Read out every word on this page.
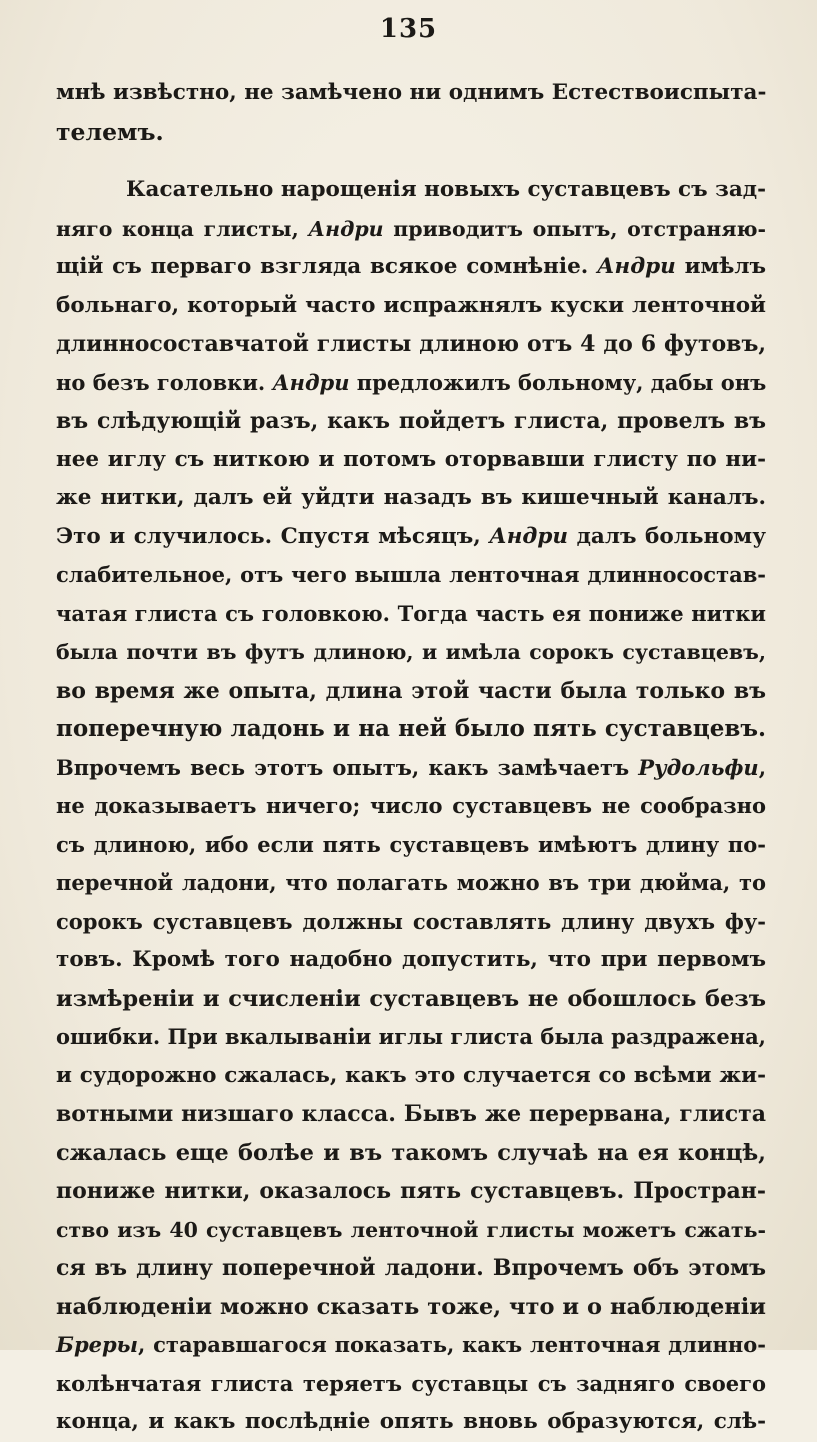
135
мнѣ извѣстно, не замѣчено ни однимъ Естествоиспыта-
телемъ.
Касательно нарощенія новыхъ суставцевъ съ зад-
няго конца глисты, Андри приводитъ опытъ, отстраняю-
щій съ перваго взгляда всякое сомнѣніе. Андри имѣлъ
больнаго, который часто испражнялъ куски ленточной
длинносоставчатой глисты длиною отъ 4 до 6 футовъ,
но безъ головки. Андри предложилъ больному, дабы онъ
въ слѣдующій разъ, какъ пойдетъ глиста, провелъ въ
нее иглу съ ниткою и потомъ оторвавши глисту по ни-
же нитки, далъ ей уйдти назадъ въ кишечный каналъ.
Это и случилось. Спустя мѣсяцъ, Андри далъ больному
слабительное, отъ чего вышла ленточная длинносостав-
чатая глиста съ головкою. Тогда часть ея пониже нитки
была почти въ футъ длиною, и имѣла сорокъ суставцевъ,
во время же опыта, длина этой части была только въ
поперечную ладонь и на ней было пять суставцевъ.
Впрочемъ весь этотъ опытъ, какъ замѣчаетъ Рудольфи,
не доказываетъ ничего; число суставцевъ не сообразно
съ длиною, ибо если пять суставцевъ имѣютъ длину по-
перечной ладони, что полагать можно въ три дюйма, то
сорокъ суставцевъ должны составлять длину двухъ фу-
товъ. Кромѣ того надобно допустить, что при первомъ
измѣреніи и счисленіи суставцевъ не обошлось безъ
ошибки. При вкалываніи иглы глиста была раздражена,
и судорожно сжалась, какъ это случается со всѣми жи-
вотными низшаго класса. Бывъ же перервана, глиста
сжалась еще болѣе и въ такомъ случаѣ на ея концѣ,
пониже нитки, оказалось пять суставцевъ. Простран-
ство изъ 40 суставцевъ ленточной глисты можетъ сжать-
ся въ длину поперечной ладони. Впрочемъ объ этомъ
наблюденіи можно сказать тоже, что и о наблюденіи
Бреры, старавшагося показать, какъ ленточная длинно-
колѣнчатая глиста теряетъ суставцы съ задняго своего
конца, и какъ послѣдніе опять вновь образуются, слѣ-
